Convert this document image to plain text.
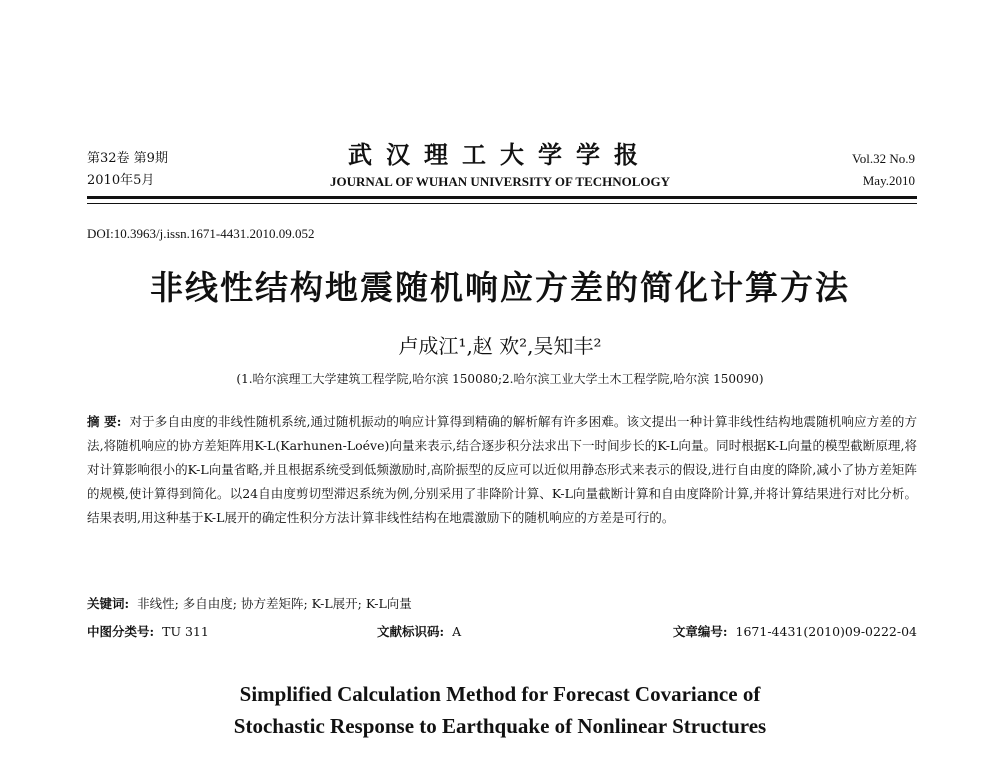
第32卷 第9期
2010年5月
武汉理工大学学报
JOURNAL OF WUHAN UNIVERSITY OF TECHNOLOGY
Vol.32 No.9
May.2010
DOI:10.3963/j.issn.1671-4431.2010.09.052
非线性结构地震随机响应方差的简化计算方法
卢成江¹,赵 欢²,吴知丰²
(1.哈尔滨理工大学建筑工程学院,哈尔滨 150080;2.哈尔滨工业大学土木工程学院,哈尔滨 150090)
摘 要: 对于多自由度的非线性随机系统,通过随机振动的响应计算得到精确的解析解有许多困难。该文提出一种计算非线性结构地震随机响应方差的方法,将随机响应的协方差矩阵用K-L(Karhunen-Loéve)向量来表示,结合逐步积分法求出下一时间步长的K-L向量。同时根据K-L向量的模型截断原理,将对计算影响很小的K-L向量省略,并且根据系统受到低频激励时,高阶振型的反应可以近似用静态形式来表示的假设,进行自由度的降阶,减小了协方差矩阵的规模,使计算得到简化。以24自由度剪切型滞迟系统为例,分别采用了非降阶计算、K-L向量截断计算和自由度降阶计算,并将计算结果进行对比分析。结果表明,用这种基于K-L展开的确定性积分方法计算非线性结构在地震激励下的随机响应的方差是可行的。
关键词: 非线性; 多自由度; 协方差矩阵; K-L展开; K-L向量
中图分类号: TU 311	文献标识码: A	文章编号: 1671-4431(2010)09-0222-04
Simplified Calculation Method for Forecast Covariance of
Stochastic Response to Earthquake of Nonlinear Structures
